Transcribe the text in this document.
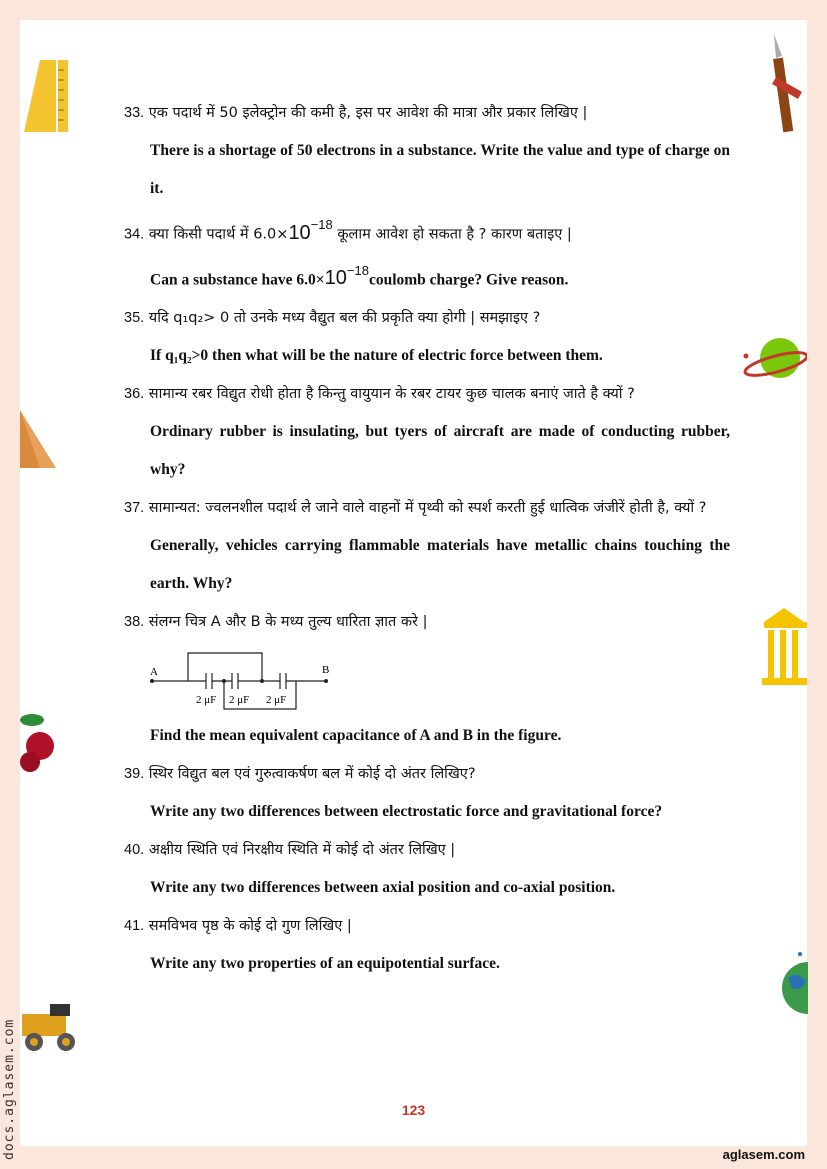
33. एक पदार्थ में 50 इलेक्ट्रोन की कमी है, इस पर आवेश की मात्रा और प्रकार लिखिए |

There is a shortage of 50 electrons in a substance. Write the value and type of charge on it.

34. क्या किसी पदार्थ में $6.0\times 10^{-18}$ कूलाम आवेश हो सकता है ? कारण बताइए |

Can a substance have $6.0\times 10^{-18}coulomb$ charge? Give reason.

35. यदि q₁q₂> 0 तो उनके मध्य वैद्युत बल की प्रकृति क्या होगी | समझाइए ?

If q₁q₂>0 then what will be the nature of electric force between them.

36. सामान्य रबर विद्युत रोधी होता है किन्तु वायुयान के रबर टायर कुछ चालक बनाएं जाते है क्यों ?

Ordinary rubber is insulating, but tyers of aircraft are made of conducting rubber, why?

37. सामान्यत: ज्वलनशील पदार्थ ले जाने वाले वाहनों में पृथ्वी को स्पर्श करती हुई धात्विक जंजीरें होती है, क्यों ?

Generally, vehicles carrying flammable materials have metallic chains touching the earth. Why?

38. संलग्न चित्र A और B के मध्य तुल्य धारिता ज्ञात करे |

A	B
2 μF 2 μF 2 μF

Find the mean equivalent capacitance of A and B in the figure.

39. स्थिर विद्युत बल एवं गुरुत्वाकर्षण बल में कोई दो अंतर लिखिए?

Write any two differences between electrostatic force and gravitational force?

40. अक्षीय स्थिति एवं निरक्षीय स्थिति में कोई दो अंतर लिखिए |

Write any two differences between axial position and co-axial position.

41. समविभव पृष्ठ के कोई दो गुण लिखिए |

Write any two properties of an equipotential surface.

123
aglasem.com
docs.aglasem.com
